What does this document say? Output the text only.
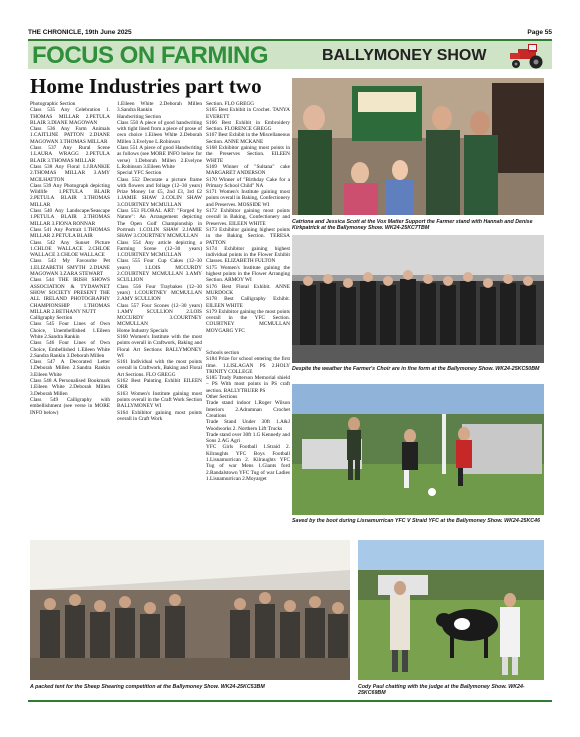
THE CHRONICLE, 19th June 2025	Page 55
FOCUS ON FARMING	BALLYMONEY SHOW
Home Industries part two

Photographic Section
Class 535 Any Celebration 1. THOMAS MILLAR 2.PETULA BLAIR 3.DIANE MAGOWAN
Class 536 Any Farm Animals 1.CAITLINE PATTON 2.DIANE MAGOWAN 3.THOMAS MILLAR
Class 537 Any Rural Scene 1.LAURA WRAGG 2.PETULA BLAIR 3.THOMAS MILLAR
Class 538 Any Floral 1.J.RANKIE 2.THOMAS MILLAR 3.AMY MCILHATTON
Class 539 Any Photograph depicting Wildlife 1.PETULA BLAIR 2.PETULA BLAIR 3.THOMAS MILLAR
Class 540 Any Landscape/Seascape 1.PETULA BLAIR 2.THOMAS MILLAR 3.FIONA RONNAR
Class 541 Any Portrait 1.THOMAS MILLAR 2.PETULA BLAIR
Class 542 Any Sunset Picture 1.CHLOE WALLACE 2.CHLOE WALLACE 3.CHLOE WALLACE
Class 543 My Favourite Pet 1.ELIZABETH SMYTH 2.DIANE MAGOWAN 3.ZARA STEWART
Class 544 THE IRISH SHOWS ASSOCIATION & TYDAWNET SHOW SOCIETY PRESENT THE ALL IRELAND PHOTOGRAPHY CHAMPIONSHIP 1.THOMAS MILLAR 2.BETHANY NUTT
Calligraphy Section
Class 545 Four Lines of Own Choice, Unembellished 1.Eileen White 2.Sandra Rankin
Class 546 Four Lines of Own Choice, Embellished 1.Eileen White 2.Sandra Rankin 3.Deborah Millen
Class 547 A Decorated Letter 1.Deborah Millen 2.Sandra Rankin 3.Eileen White
Class 548 A Personalised Bookmark 1.Eileen White 2.Deborah Millen 3.Deborah Millen
Class 549 Calligraphy with embellishment (see verse in MORE INFO below)

1.Eileen White 2.Deborah Millen 3.Sandra Rankin
Handwriting Section
Class 550 A piece of good handwriting with tight lined from a piece of prose of own choice 1.Eileen White 2.Deborah Millen 3.Evelyne L.Robinson
Class 551 A piece of good Handwriting as follows (see MORE INFO below for verse) 1.Deborah Millen 2.Evelyne L.Robinson 3.Eileen White
Special YFC Section
Class 552 Decorate a picture frame with flowers and foliage (12–30 years) Prize Money 1st £5, 2nd £3, 3rd £2 1.JAMIE SHAW 2.COLIN SHAW 3.COURTNEY MCMULLAN
Class 553 FLORAL ART: "Forged by Nature": An Arrangement depicting The Open Golf Championship in Portrush 1.COLIN SHAW 2.JAMIE SHAW 3.COURTNEY MCMULLAN
Class 554 Any article depicting a Farming Scene (12–30 years) 1.COURTNEY MCMULLAN
Class 555 Four Cup Cakes (12–30 years) 1.LOIS MCCURDY 2.COURTNEY MCMULLAN 3.AMY SCULLION
Class 556 Four Traybakes (12–30 years) 1.COURTNEY MCMULLAN 2.AMY SCULLION
Class 557 Four Scones (12–30 years) 1.AMY SCULLION 2.LOIS MCCURDY 3.COURTNEY MCMULLAN
Home Industry Specials
S160 Women's Institute with the most points overall in Craftwork, Baking and Floral Art Sections BALLYMONEY WI
S161 Individual with the most points overall in Craftwork, Baking and Floral Art Sections. FLO GREGG
S162 Best Painting Exhibit EILEEN ORR
S163 Women's Institute gaining most points overall in the Craft Work Section BALLYMONEY WI
S164 Exhibitor gaining most points overall in Craft Work

Section. FLO GREGG
S165 Best Exhibit in Crochet. TANYA EVERETT
S166 Best Exhibit in Embroidery Section. FLORENCE GREGG
S167 Best Exhibit in the Miscellaneous Section. ANNE MCKANE
S168 Exhibitor gaining most points in the Preserves Section. EILEEN WHITE
S169 Winner of "Sultana" cake MARGARET ANDERSON
S170 Winner of "Birthday Cake for a Primary School Child" NA
S171 Women's Institute gaining most points overall in Baking, Confectionery and Preserves. MOSSIDE WI
S172 Exhibitor gaining most points overall in Baking, Confectionery and Preserves. EILEEN WHITE
S173 Exhibitor gaining highest points in the Baking Section. TERESA PATTON
S174 Exhibitor gaining highest individual points in the Flower Exhibit Classes. ELIZABETH FULTON
S175 Women's Institute gaining the highest points in the Flower Arranging Section. ARMOY WI
S176 Best Floral Exhibit. ANNE MURDOCK
S178 Best Calligraphy Exhibit. EILEEN WHITE
S179 Exhibitor gaining the most points overall in the YFC Section. COURTNEY MCMULLAN MOYGARG YFC

Schools section
S184 Prize for school entering the first time. 1.LISLAGAN PS 2.HOLY TRINITY COLLEGE
S185 Trudy Patterson Memorial shield – PS With most points in PS craft section. BALLYTRUER PS
Other Sections
Trade stand indoor 1.Roger Wilson Interiors 2.Adramnan Crochet Creations
Trade Stand Under 30ft 1.A&J Woodworks 2. Northern Lift Trucks
Trade stand over 30ft 1.G Kennedy and Sons 2.AG Agri
YFC Girls Football 1.Straid 2. Kilraughts YFC Boys Football 1.Lisnamurrican 2. Kilraughts YFC Tug of war Mens 1.Giants ford 2.Randalstown YFC Tug of war Ladies 1.Lisnamurrican 2.Moyarget

Catriona and Jessica Scott at the Vox Matter Support the Farmer stand with Hannah and Denise Kirkpatrick at the Ballymoney Show. WK24-25KC7TBM
Despite the weather the Farmer's Choir are in fine form at the Ballymoney Show. WK24-25KC50BM
Saved by the boot during Lisnamurrican YFC V Straid YFC at the Ballymoney Show. WK24-25KC46
A packed tent for the Sheep Shearing competition at the Ballymoney Show. WK24-25KC53BM	Cody Paul chatting with the judge at the Ballymoney Show. WK24-25KC69BM
